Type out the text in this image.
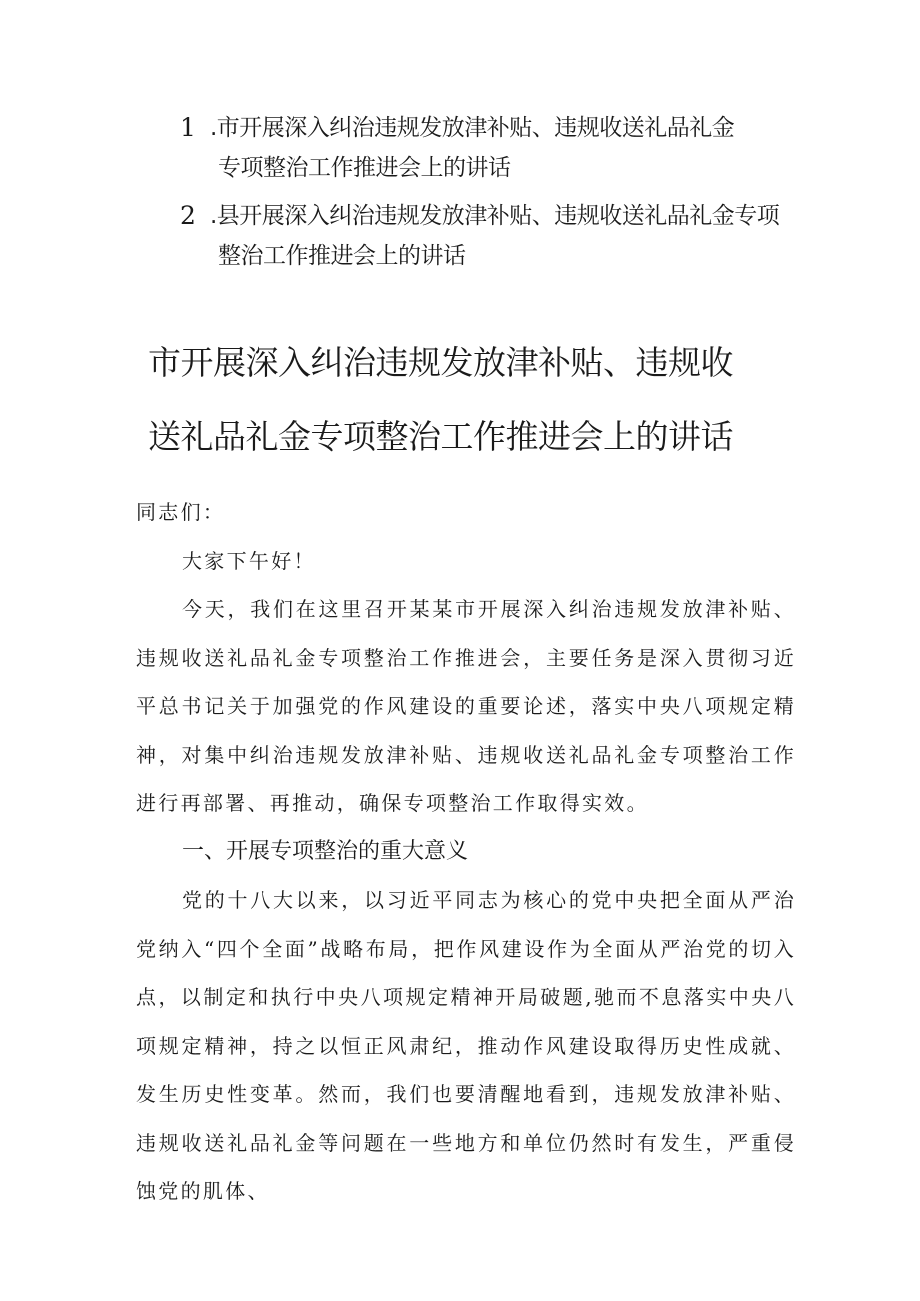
1 .市开展深入纠治违规发放津补贴、违规收送礼品礼金
专项整治工作推进会上的讲话
2 .县开展深入纠治违规发放津补贴、违规收送礼品礼金专项
整治工作推进会上的讲话
市开展深入纠治违规发放津补贴、违规收
送礼品礼金专项整治工作推进会上的讲话

同志们：

大家下午好！

今天，我们在这里召开某某市开展深入纠治违规发放津补贴、违规收送礼品礼金专项整治工作推进会，主要任务是深入贯彻习近平总书记关于加强党的作风建设的重要论述，落实中央八项规定精神，对集中纠治违规发放津补贴、违规收送礼品礼金专项整治工作进行再部署、再推动，确保专项整治工作取得实效。

一、开展专项整治的重大意义

党的十八大以来，以习近平同志为核心的党中央把全面从严治党纳入“四个全面”战略布局，把作风建设作为全面从严治党的切入点，以制定和执行中央八项规定精神开局破题,驰而不息落实中央八项规定精神，持之以恒正风肃纪，推动作风建设取得历史性成就、发生历史性变革。然而，我们也要清醒地看到，违规发放津补贴、违规收送礼品礼金等问题在一些地方和单位仍然时有发生，严重侵蚀党的肌体、
